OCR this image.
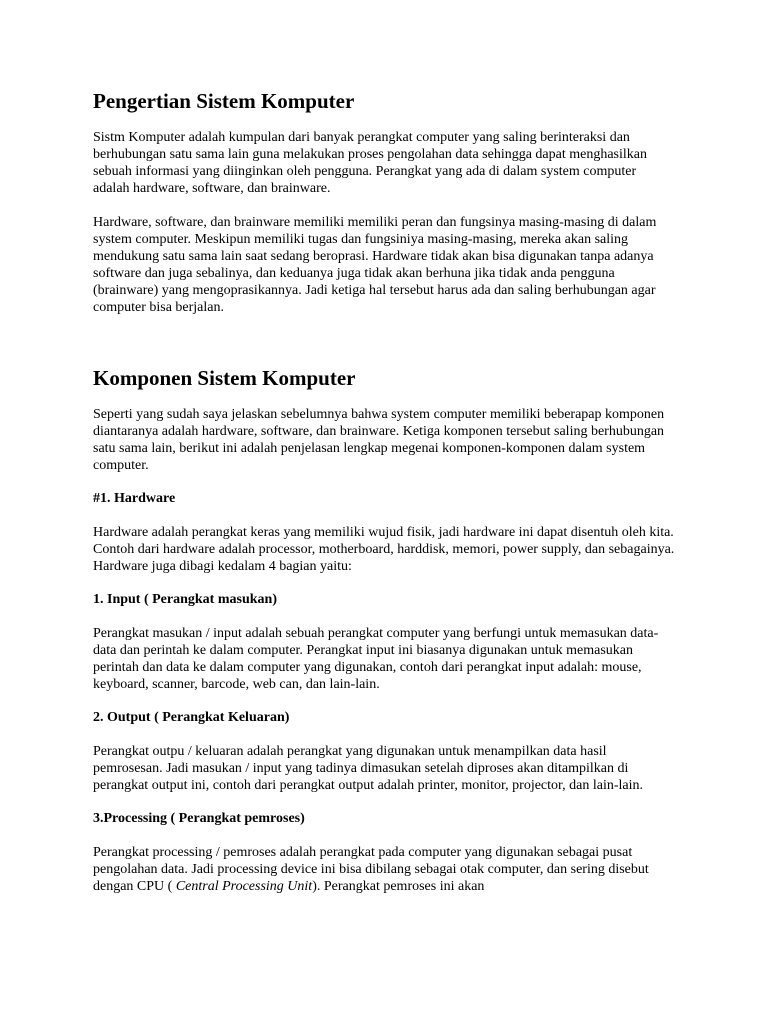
Pengertian Sistem Komputer

Sistm Komputer adalah kumpulan dari banyak perangkat computer yang saling berinteraksi dan berhubungan satu sama lain guna melakukan proses pengolahan data sehingga dapat menghasilkan sebuah informasi yang diinginkan oleh pengguna. Perangkat yang ada di dalam system computer adalah hardware, software, dan brainware.

Hardware, software, dan brainware memiliki memiliki peran dan fungsinya masing-masing di dalam system computer. Meskipun memiliki tugas dan fungsiniya masing-masing, mereka akan saling mendukung satu sama lain saat sedang beroprasi. Hardware tidak akan bisa digunakan tanpa adanya software dan juga sebalinya, dan keduanya juga tidak akan berhuna jika tidak anda pengguna (brainware) yang mengoprasikannya. Jadi ketiga hal tersebut harus ada dan saling berhubungan agar computer bisa berjalan.

Komponen Sistem Komputer

Seperti yang sudah saya jelaskan sebelumnya bahwa system computer memiliki beberapap komponen diantaranya adalah hardware, software, dan brainware. Ketiga komponen tersebut saling berhubungan satu sama lain, berikut ini adalah penjelasan lengkap megenai komponen-komponen dalam system computer.

#1. Hardware

Hardware adalah perangkat keras yang memiliki wujud fisik, jadi hardware ini dapat disentuh oleh kita. Contoh dari hardware adalah processor, motherboard, harddisk, memori, power supply, dan sebagainya. Hardware juga dibagi kedalam 4 bagian yaitu:

1. Input ( Perangkat masukan)

Perangkat masukan / input adalah sebuah perangkat computer yang berfungi untuk memasukan data-data dan perintah ke dalam computer. Perangkat input ini biasanya digunakan untuk memasukan perintah dan data ke dalam computer yang digunakan, contoh dari perangkat input adalah: mouse, keyboard, scanner, barcode, web can, dan lain-lain.

2. Output ( Perangkat Keluaran)

Perangkat outpu / keluaran adalah perangkat yang digunakan untuk menampilkan data hasil pemrosesan. Jadi masukan / input yang tadinya dimasukan setelah diproses akan ditampilkan di perangkat output ini, contoh dari perangkat output adalah printer, monitor, projector, dan lain-lain.

3.Processing ( Perangkat pemroses)

Perangkat processing / pemroses adalah perangkat pada computer yang digunakan sebagai pusat pengolahan data. Jadi processing device ini bisa dibilang sebagai otak computer, dan sering disebut dengan CPU ( Central Processing Unit). Perangkat pemroses ini akan
